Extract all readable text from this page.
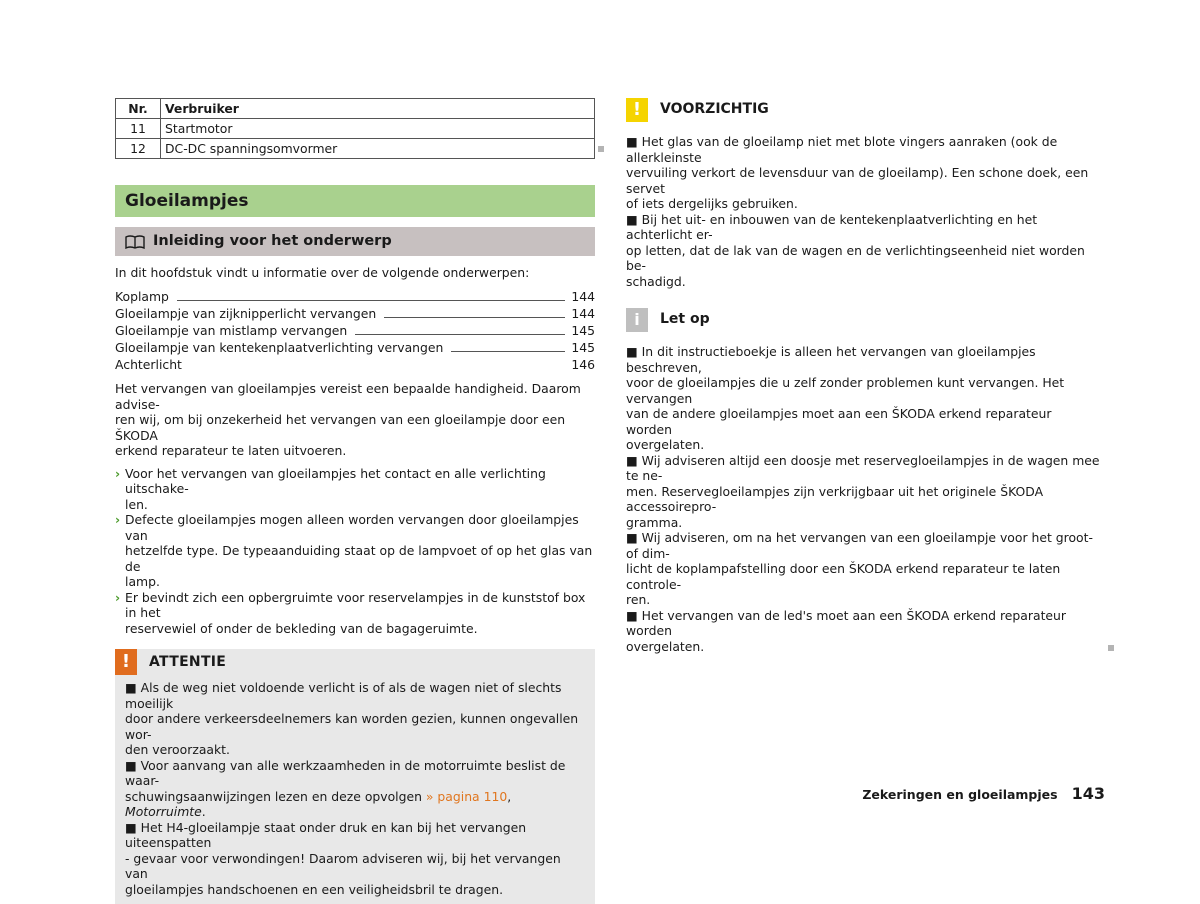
Nr.	Verbruiker
11	Startmotor
12	DC-DC spanningsomvormer
Gloeilampjes
Inleiding voor het onderwerp

In dit hoofdstuk vindt u informatie over de volgende onderwerpen:

Koplamp	144
Gloeilampje van zijknipperlicht vervangen	144
Gloeilampje van mistlamp vervangen	145
Gloeilampje van kentekenplaatverlichting vervangen	145
Achterlicht	146
Het vervangen van gloeilampjes vereist een bepaalde handigheid. Daarom advise-
ren wij, om bij onzekerheid het vervangen van een gloeilampje door een ŠKODA
erkend reparateur te laten uitvoeren.
› Voor het vervangen van gloeilampjes het contact en alle verlichting uitschake-
len.
› Defecte gloeilampjes mogen alleen worden vervangen door gloeilampjes van
hetzelfde type. De typeaanduiding staat op de lampvoet of op het glas van de
lamp.
› Er bevindt zich een opbergruimte voor reservelampjes in de kunststof box in het
reservewiel of onder de bekleding van de bagageruimte.
!	ATTENTIE
■ Als de weg niet voldoende verlicht is of als de wagen niet of slechts moeilijk
door andere verkeersdeelnemers kan worden gezien, kunnen ongevallen wor-
den veroorzaakt.
■ Voor aanvang van alle werkzaamheden in de motorruimte beslist de waar-
schuwingsaanwijzingen lezen en deze opvolgen » pagina 110, Motorruimte.
■ Het H4-gloeilampje staat onder druk en kan bij het vervangen uiteenspatten
- gevaar voor verwondingen! Daarom adviseren wij, bij het vervangen van
gloeilampjes handschoenen en een veiligheidsbril te dragen.
!	VOORZICHTIG
■ Het glas van de gloeilamp niet met blote vingers aanraken (ook de allerkleinste
vervuiling verkort de levensduur van de gloeilamp). Een schone doek, een servet
of iets dergelijks gebruiken.
■ Bij het uit- en inbouwen van de kentekenplaatverlichting en het achterlicht er-
op letten, dat de lak van de wagen en de verlichtingseenheid niet worden be-
schadigd.
i	Let op
■ In dit instructieboekje is alleen het vervangen van gloeilampjes beschreven,
voor de gloeilampjes die u zelf zonder problemen kunt vervangen. Het vervangen
van de andere gloeilampjes moet aan een ŠKODA erkend reparateur worden
overgelaten.
■ Wij adviseren altijd een doosje met reservegloeilampjes in de wagen mee te ne-
men. Reservegloeilampjes zijn verkrijgbaar uit het originele ŠKODA accessoirepro-
gramma.
■ Wij adviseren, om na het vervangen van een gloeilampje voor het groot- of dim-
licht de koplampafstelling door een ŠKODA erkend reparateur te laten controle-
ren.
■ Het vervangen van de led's moet aan een ŠKODA erkend reparateur worden
overgelaten.
Zekeringen en gloeilampjes 143
